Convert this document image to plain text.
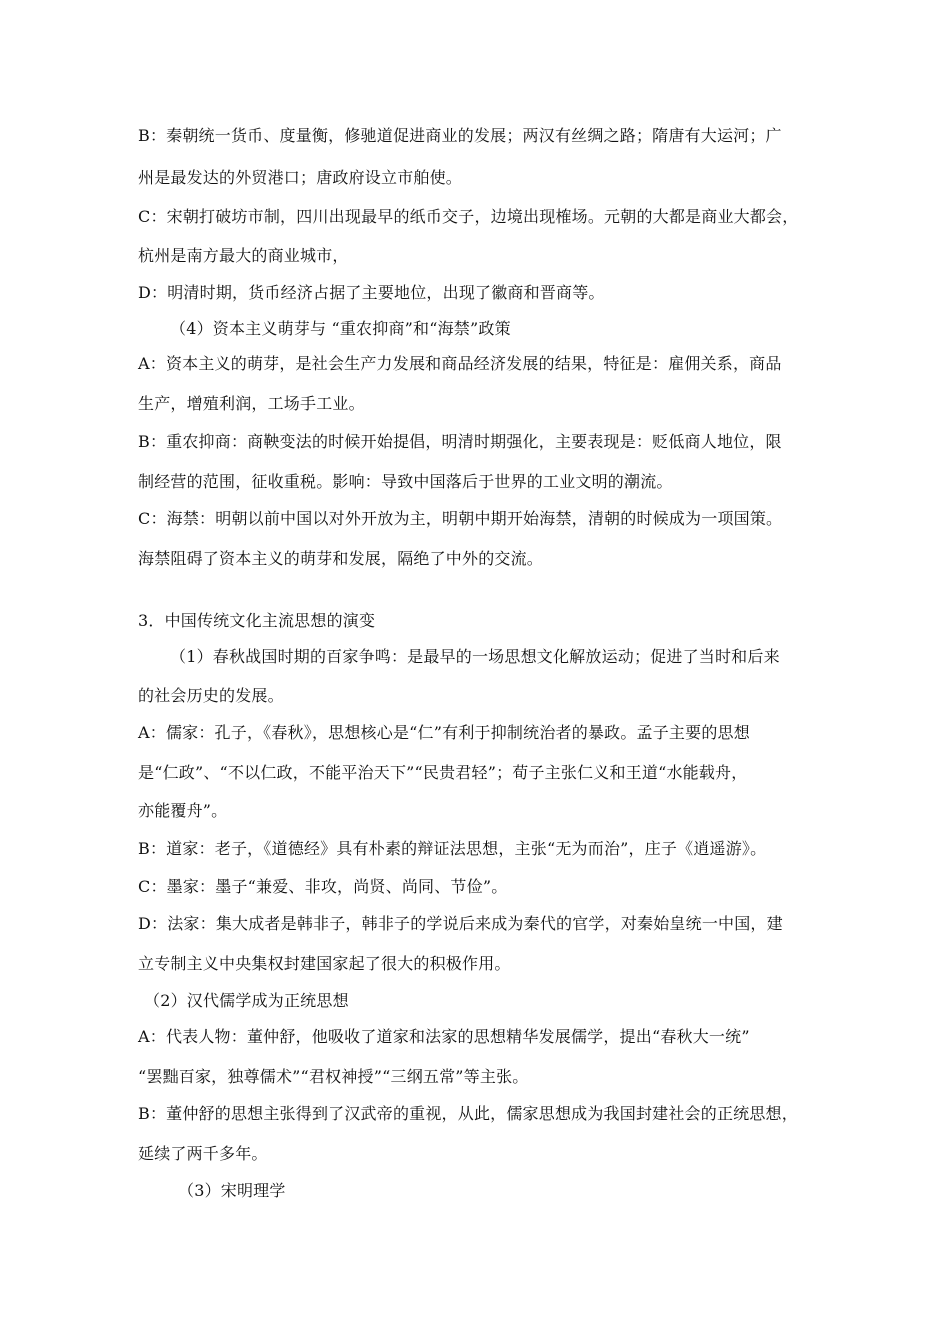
B：秦朝统一货币、度量衡，修驰道促进商业的发展；两汉有丝绸之路；隋唐有大运河；广
州是最发达的外贸港口；唐政府设立市舶使。
C：宋朝打破坊市制，四川出现最早的纸币交子，边境出现榷场。元朝的大都是商业大都会，
杭州是南方最大的商业城市，
D：明清时期，货币经济占据了主要地位，出现了徽商和晋商等。
（4）资本主义萌芽与 “重农抑商”和“海禁”政策
A：资本主义的萌芽，是社会生产力发展和商品经济发展的结果，特征是：雇佣关系，商品
生产，增殖利润，工场手工业。
B：重农抑商：商鞅变法的时候开始提倡，明清时期强化，主要表现是：贬低商人地位，限
制经营的范围，征收重税。影响：导致中国落后于世界的工业文明的潮流。
C：海禁：明朝以前中国以对外开放为主，明朝中期开始海禁，清朝的时候成为一项国策。
海禁阻碍了资本主义的萌芽和发展，隔绝了中外的交流。
3．中国传统文化主流思想的演变
（1）春秋战国时期的百家争鸣：是最早的一场思想文化解放运动；促进了当时和后来
的社会历史的发展。
A：儒家：孔子，《春秋》，思想核心是“仁”有利于抑制统治者的暴政。孟子主要的思想
是“仁政”、“不以仁政，不能平治天下”“民贵君轻”；荀子主张仁义和王道“水能载舟，
亦能覆舟”。
B：道家：老子，《道德经》具有朴素的辩证法思想，主张“无为而治”，庄子《逍遥游》。
C：墨家：墨子“兼爱、非攻，尚贤、尚同、节俭”。
D：法家：集大成者是韩非子，韩非子的学说后来成为秦代的官学，对秦始皇统一中国，建
立专制主义中央集权封建国家起了很大的积极作用。
（2）汉代儒学成为正统思想
A：代表人物：董仲舒，他吸收了道家和法家的思想精华发展儒学，提出“春秋大一统”
“罢黜百家，独尊儒术”“君权神授”“三纲五常”等主张。
B：董仲舒的思想主张得到了汉武帝的重视，从此，儒家思想成为我国封建社会的正统思想，
延续了两千多年。
（3）宋明理学
